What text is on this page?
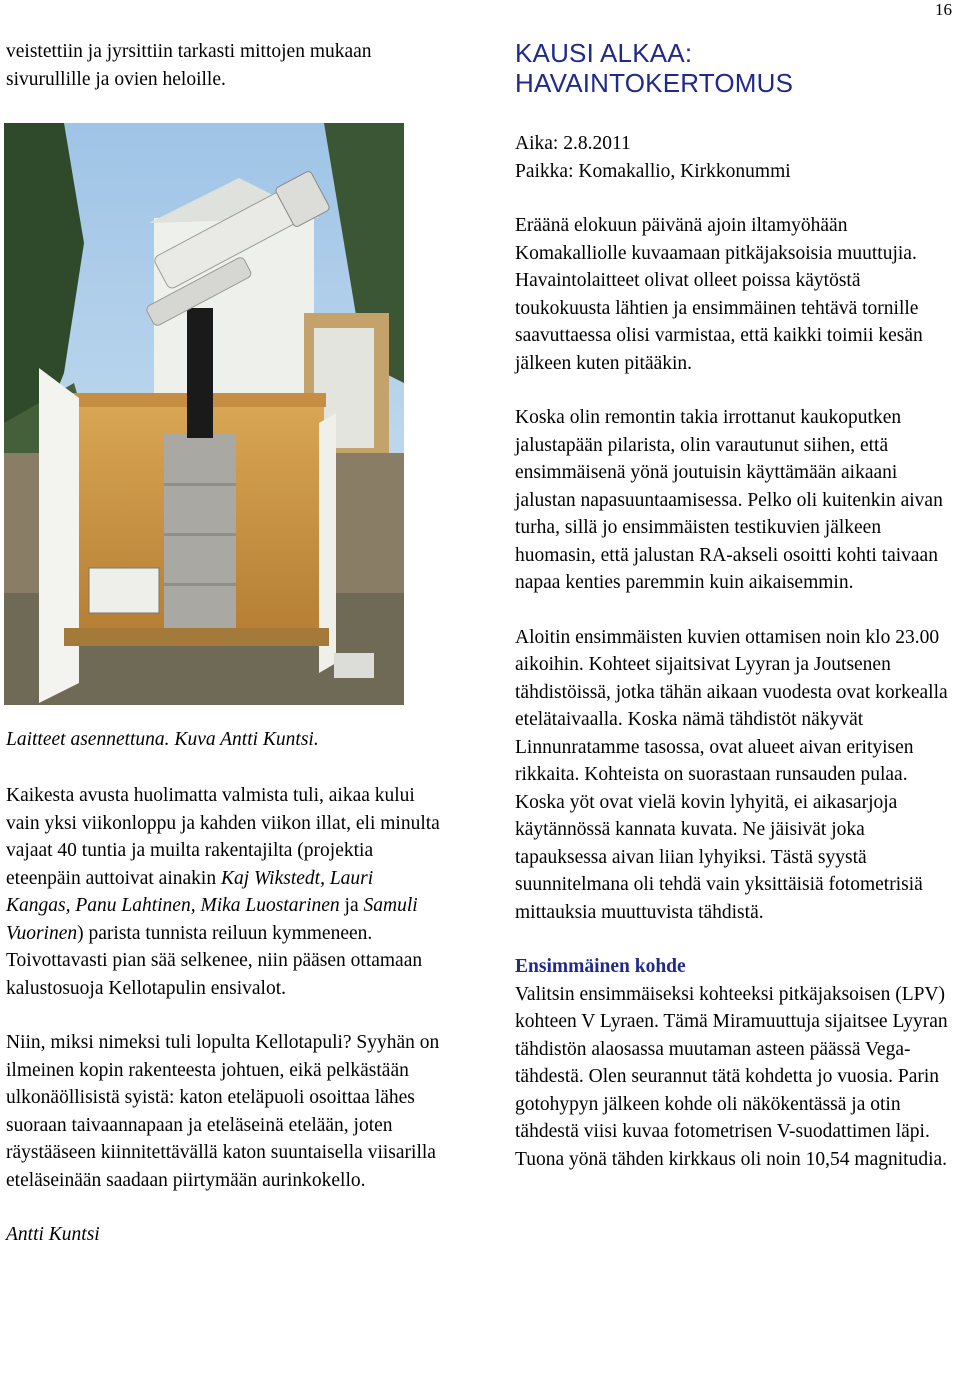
16

veistettiin ja jyrsittiin tarkasti mittojen mukaan sivurullille ja ovien heloille.

Laitteet asennettuna. Kuva Antti Kuntsi.

Kaikesta avusta huolimatta valmista tuli, aikaa kului vain yksi viikonloppu ja kahden viikon illat, eli minulta vajaat 40 tuntia ja muilta rakentajilta (projektia eteenpäin auttoivat ainakin Kaj Wikstedt, Lauri Kangas, Panu Lahtinen, Mika Luostarinen ja Samuli Vuorinen) parista tunnista reiluun kymmeneen. Toivottavasti pian sää selkenee, niin pääsen ottamaan kalustosuoja Kellotapulin ensivalot.

Niin, miksi nimeksi tuli lopulta Kellotapuli? Syyhän on ilmeinen kopin rakenteesta johtuen, eikä pelkästään ulkonäöllisistä syistä: katon eteläpuoli osoittaa lähes suoraan taivaannapaan ja eteläseinä etelään, joten räystääseen kiinnitettävällä katon suuntaisella viisarilla eteläseinään saadaan piirtymään aurinkokello.

Antti Kuntsi

KAUSI ALKAA:
HAVAINTOKERTOMUS

Aika: 2.8.2011

Paikka: Komakallio, Kirkkonummi

Eräänä elokuun päivänä ajoin iltamyöhään Komakalliolle kuvaamaan pitkäjaksoisia muuttujia. Havaintolaitteet olivat olleet poissa käytöstä toukokuusta lähtien ja ensimmäinen tehtävä tornille saavuttaessa olisi varmistaa, että kaikki toimii kesän jälkeen kuten pitääkin.

Koska olin remontin takia irrottanut kaukoputken jalustapään pilarista, olin varautunut siihen, että ensimmäisenä yönä joutuisin käyttämään aikaani jalustan napasuuntaamisessa. Pelko oli kuitenkin aivan turha, sillä jo ensimmäisten testikuvien jälkeen huomasin, että jalustan RA-akseli osoitti kohti taivaan napaa kenties paremmin kuin aikaisemmin.

Aloitin ensimmäisten kuvien ottamisen noin klo 23.00 aikoihin. Kohteet sijaitsivat Lyyran ja Joutsenen tähdistöissä, jotka tähän aikaan vuodesta ovat korkealla etelätaivaalla. Koska nämä tähdistöt näkyvät Linnunratamme tasossa, ovat alueet aivan erityisen rikkaita. Kohteista on suorastaan runsauden pulaa. Koska yöt ovat vielä kovin lyhyitä, ei aikasarjoja käytännössä kannata kuvata. Ne jäisivät joka tapauksessa aivan liian lyhyiksi. Tästä syystä suunnitelmana oli tehdä vain yksittäisiä fotometrisiä mittauksia muuttuvista tähdistä.

Ensimmäinen kohde

Valitsin ensimmäiseksi kohteeksi pitkäjaksoisen (LPV) kohteen V Lyraen. Tämä Miramuuttuja sijaitsee Lyyran tähdistön alaosassa muutaman asteen päässä Vega-tähdestä. Olen seurannut tätä kohdetta jo vuosia. Parin gotohypyn jälkeen kohde oli näkökentässä ja otin tähdestä viisi kuvaa fotometrisen V-suodattimen läpi. Tuona yönä tähden kirkkaus oli noin 10,54 magnitudia.
